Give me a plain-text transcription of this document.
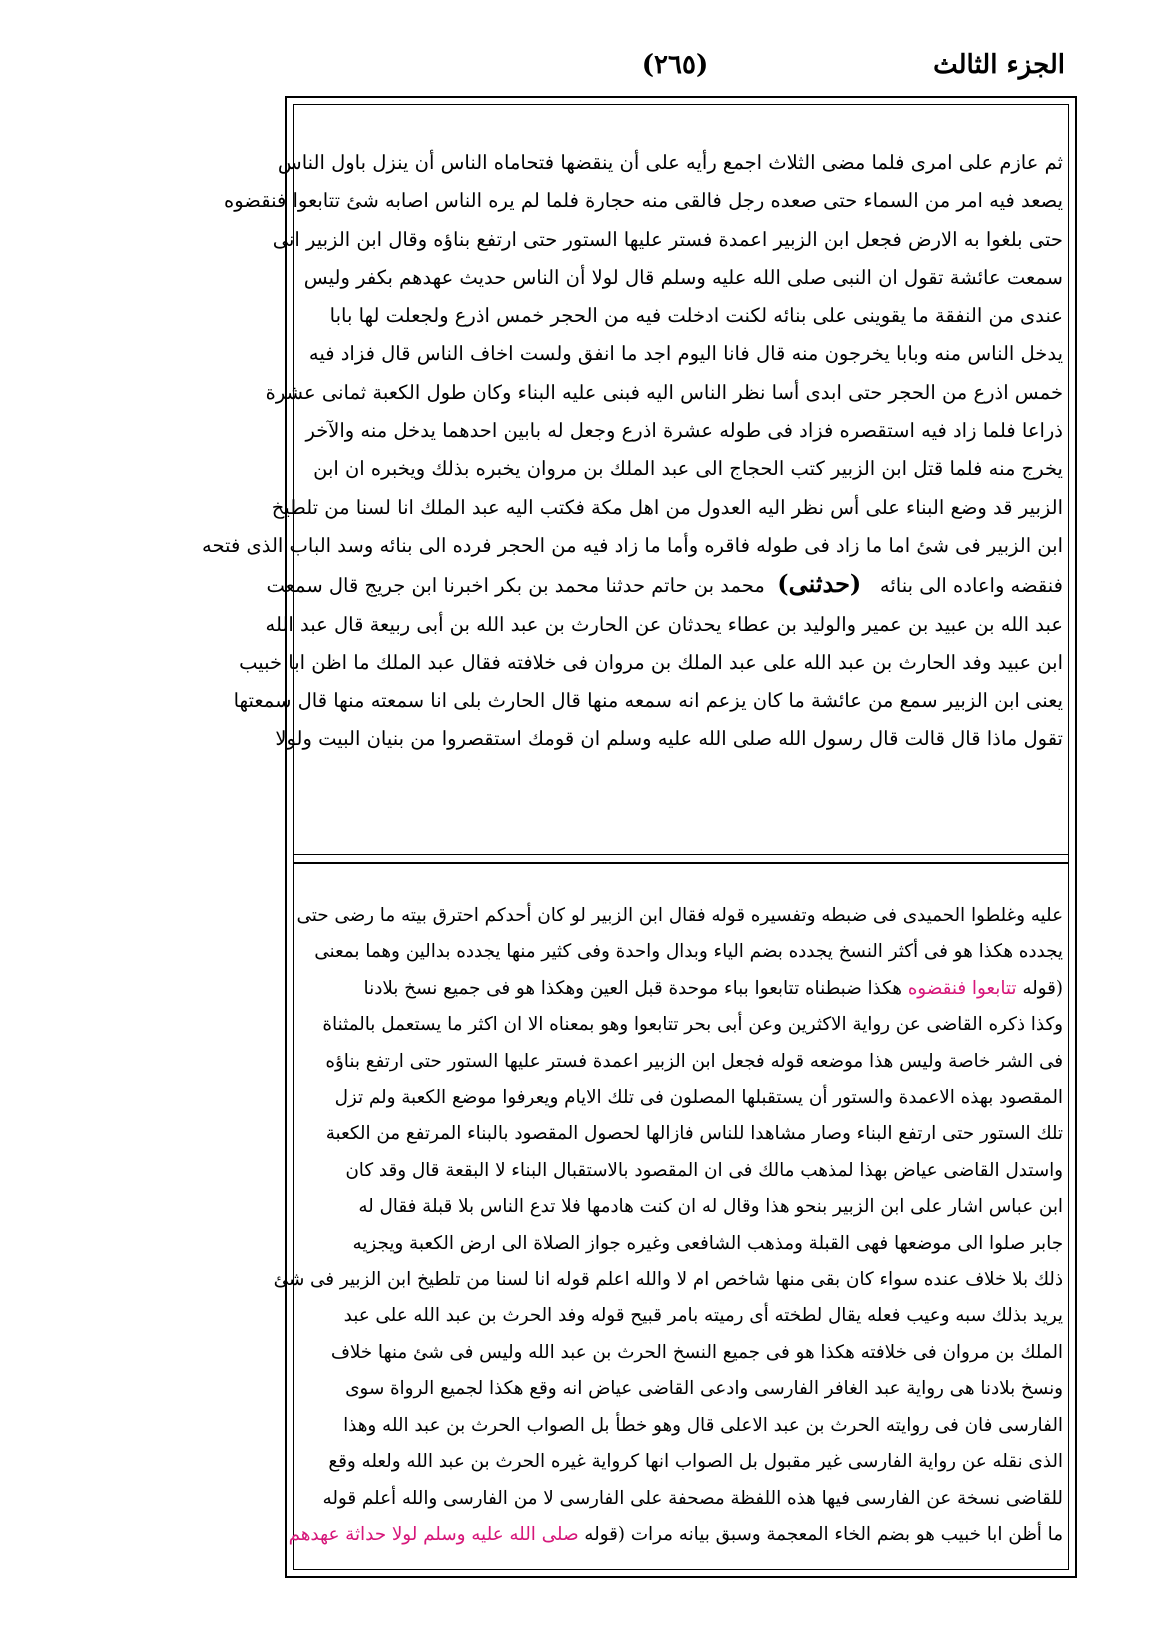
الجزء الثالث
(٢٦٥)
ثم عازم على امرى فلما مضى الثلاث اجمع رأيه على أن ينقضها فتحاماه الناس أن ينزل باول الناس
يصعد فيه امر من السماء حتى صعده رجل فالقى منه حجارة فلما لم يره الناس اصابه شئ تتابعوا فنقضوه
حتى بلغوا به الارض فجعل ابن الزبير اعمدة فستر عليها الستور حتى ارتفع بناؤه وقال ابن الزبير انى
سمعت عائشة تقول ان النبى صلى الله عليه وسلم قال لولا أن الناس حديث عهدهم بكفر وليس
عندى من النفقة ما يقوينى على بنائه لكنت ادخلت فيه من الحجر خمس اذرع ولجعلت لها بابا
يدخل الناس منه وبابا يخرجون منه قال فانا اليوم اجد ما انفق ولست اخاف الناس قال فزاد فيه
خمس اذرع من الحجر حتى ابدى أسا نظر الناس اليه فبنى عليه البناء وكان طول الكعبة ثمانى عشرة
ذراعا فلما زاد فيه استقصره فزاد فى طوله عشرة اذرع وجعل له بابين احدهما يدخل منه والآخر
يخرج منه فلما قتل ابن الزبير كتب الحجاج الى عبد الملك بن مروان يخبره بذلك ويخبره ان ابن
الزبير قد وضع البناء على أس نظر اليه العدول من اهل مكة فكتب اليه عبد الملك انا لسنا من تلطيخ
ابن الزبير فى شئ اما ما زاد فى طوله فاقره وأما ما زاد فيه من الحجر فرده الى بنائه وسد الباب الذى فتحه
فنقضه واعاده الى بنائه   (حدثنى)  محمد بن حاتم حدثنا محمد بن بكر اخبرنا ابن جريج قال سمعت
عبد الله بن عبيد بن عمير والوليد بن عطاء يحدثان عن الحارث بن عبد الله بن أبى ربيعة قال عبد الله
ابن عبيد وفد الحارث بن عبد الله على عبد الملك بن مروان فى خلافته فقال عبد الملك ما اظن ابا خبيب
يعنى ابن الزبير سمع من عائشة ما كان يزعم انه سمعه منها قال الحارث بلى انا سمعته منها قال سمعتها
تقول ماذا قال قالت قال رسول الله صلى الله عليه وسلم ان قومك استقصروا من بنيان البيت ولولا
عليه وغلطوا الحميدى فى ضبطه وتفسيره قوله فقال ابن الزبير لو كان أحدكم احترق بيته ما رضى حتى
يجدده هكذا هو فى أكثر النسخ يجدده بضم الياء وبدال واحدة وفى كثير منها يجدده بدالين وهما بمعنى
(قوله تتابعوا فنقضوه هكذا ضبطناه تتابعوا بباء موحدة قبل العين وهكذا هو فى جميع نسخ بلادنا
وكذا ذكره القاضى عن رواية الاكثرين وعن أبى بحر تتابعوا وهو بمعناه الا ان اكثر ما يستعمل بالمثناة
فى الشر خاصة وليس هذا موضعه قوله فجعل ابن الزبير اعمدة فستر عليها الستور حتى ارتفع بناؤه
المقصود بهذه الاعمدة والستور أن يستقبلها المصلون فى تلك الايام ويعرفوا موضع الكعبة ولم تزل
تلك الستور حتى ارتفع البناء وصار مشاهدا للناس فازالها لحصول المقصود بالبناء المرتفع من الكعبة
واستدل القاضى عياض بهذا لمذهب مالك فى ان المقصود بالاستقبال البناء لا البقعة قال وقد كان
ابن عباس اشار على ابن الزبير بنحو هذا وقال له ان كنت هادمها فلا تدع الناس بلا قبلة فقال له
جابر صلوا الى موضعها فهى القبلة ومذهب الشافعى وغيره جواز الصلاة الى ارض الكعبة ويجزيه
ذلك بلا خلاف عنده سواء كان بقى منها شاخص ام لا والله اعلم قوله انا لسنا من تلطيخ ابن الزبير فى شئ
يريد بذلك سبه وعيب فعله يقال لطخته أى رميته بامر قبيح قوله وفد الحرث بن عبد الله على عبد
الملك بن مروان فى خلافته هكذا هو فى جميع النسخ الحرث بن عبد الله وليس فى شئ منها خلاف
ونسخ بلادنا هى رواية عبد الغافر الفارسى وادعى القاضى عياض انه وقع هكذا لجميع الرواة سوى
الفارسى فان فى روايته الحرث بن عبد الاعلى قال وهو خطأ بل الصواب الحرث بن عبد الله وهذا
الذى نقله عن رواية الفارسى غير مقبول بل الصواب انها كرواية غيره الحرث بن عبد الله ولعله وقع
للقاضى نسخة عن الفارسى فيها هذه اللفظة مصحفة على الفارسى لا من الفارسى والله أعلم قوله
ما أظن ابا خبيب هو بضم الخاء المعجمة وسبق بيانه مرات (قوله صلى الله عليه وسلم لولا حداثة عهدهم
